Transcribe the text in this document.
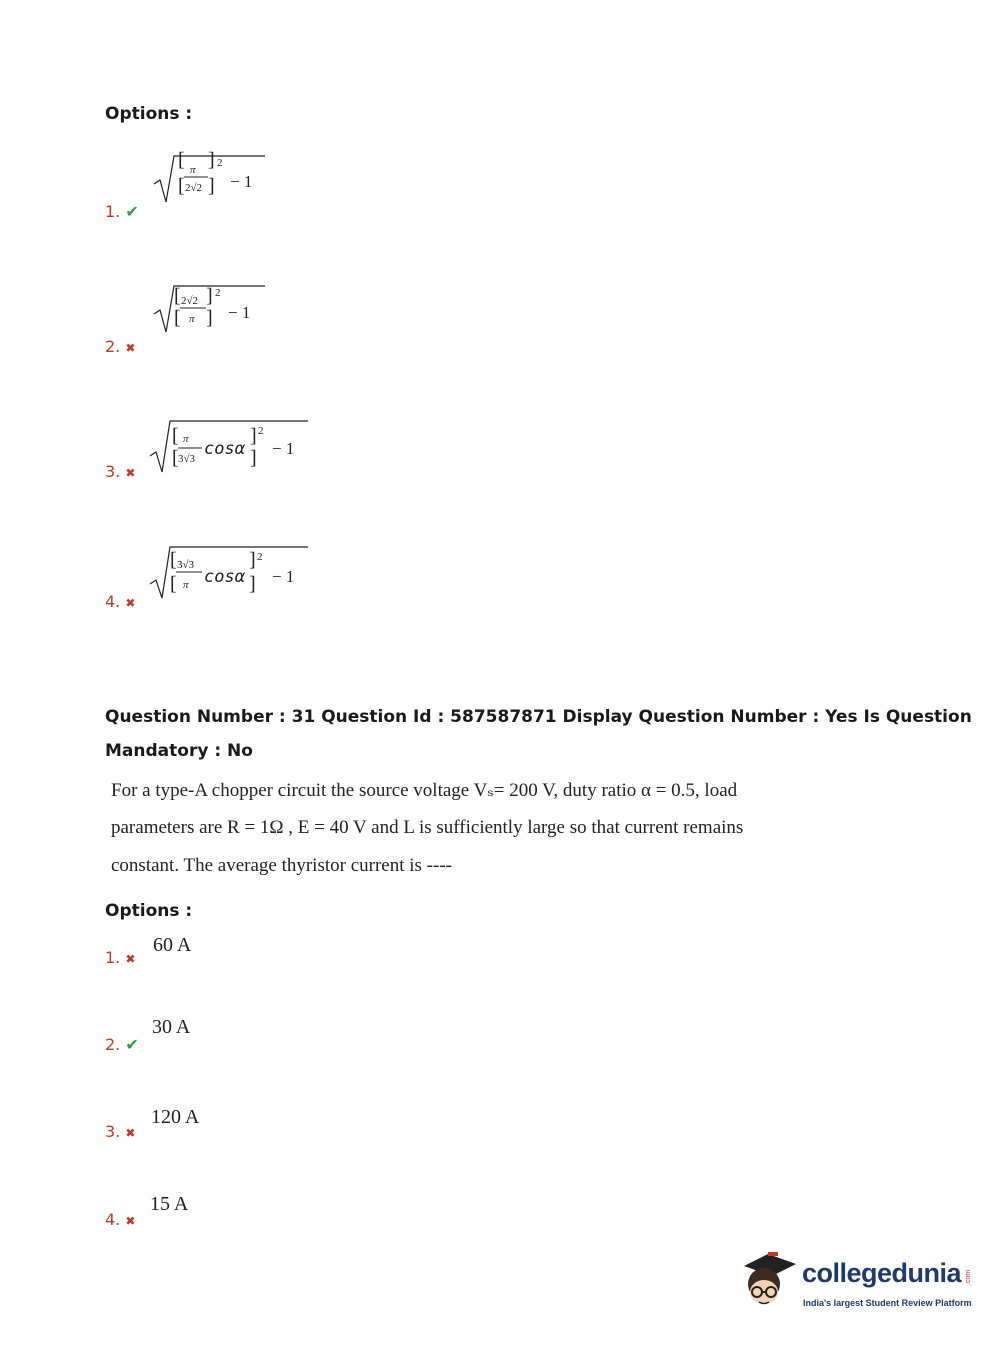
Options :
1. ✔
[
[
π
2√2
]
]
2
− 1
2. ✖
[
[
2√2
π
]
]
2
− 1
3. ✖
[
[
π
3√3 cosα
]
]
2
− 1
4. ✖
[
[
3√3
π cosα
]
]
2
− 1
Question Number : 31 Question Id : 587587871 Display Question Number : Yes Is Question
Mandatory : No
For a type-A chopper circuit the source voltage Vₛ= 200 V, duty ratio α = 0.5, load
parameters are R = 1Ω , E = 40 V and L is sufficiently large so that current remains
constant. The average thyristor current is ----
Options :
1. ✖
60 A
2. ✔
30 A
3. ✖
120 A
4. ✖
15 A
collegedunia .com
India's largest Student Review Platform
